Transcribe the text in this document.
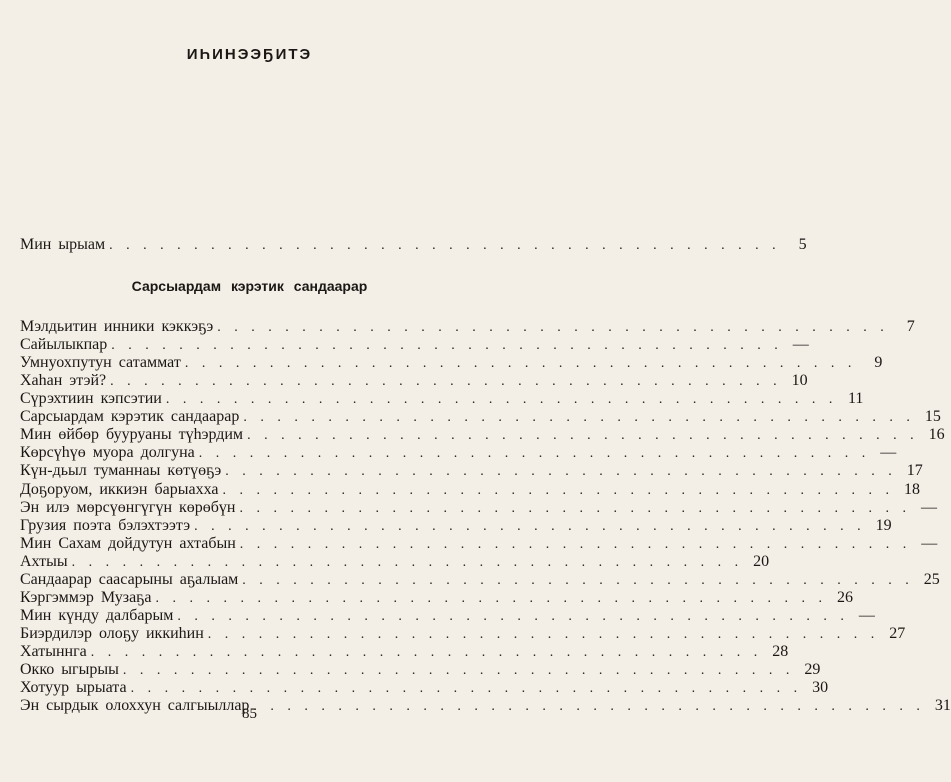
ИҺИНЭЭҔИТЭ
Мин ырыам . . . . . . . . . . . . . . . . . . . . . . . . . . . . . . . . . . . . . . . .	5
Сарсыардам кэрэтик сандаарар
Мэлдьитин инники кэккэҕэ . . . . . . . . . . . . . . . . . . . . . . . . . . . . . . . . . . . . . . . .	7
Сайылыкпар . . . . . . . . . . . . . . . . . . . . . . . . . . . . . . . . . . . . . . . . —
Умнуохпутун сатаммат . . . . . . . . . . . . . . . . . . . . . . . . . . . . . . . . . . . . . . . .	9
Хаһан этэй? . . . . . . . . . . . . . . . . . . . . . . . . . . . . . . . . . . . . . . . . 10
Сүрэхтиин кэпсэтии . . . . . . . . . . . . . . . . . . . . . . . . . . . . . . . . . . . . . . . . 11
Сарсыардам кэрэтик сандаарар . . . . . . . . . . . . . . . . . . . . . . . . . . . . . . . . . . . . . . . . 15
Мин өйбөр бууруаны түһэрдим . . . . . . . . . . . . . . . . . . . . . . . . . . . . . . . . . . . . . . . . 16
Көрсүһүө муора долгуна . . . . . . . . . . . . . . . . . . . . . . . . . . . . . . . . . . . . . . . . —
Күн-дьыл туманнаы көтүөҕэ . . . . . . . . . . . . . . . . . . . . . . . . . . . . . . . . . . . . . . . . 17
Доҕоруом, иккиэн барыахха . . . . . . . . . . . . . . . . . . . . . . . . . . . . . . . . . . . . . . . . 18
Эн илэ мөрсүөнгүгүн көрөбүн . . . . . . . . . . . . . . . . . . . . . . . . . . . . . . . . . . . . . . . . —
Грузия поэта бэлэхтээтэ . . . . . . . . . . . . . . . . . . . . . . . . . . . . . . . . . . . . . . . . 19
Мин Сахам дойдутун ахтабын . . . . . . . . . . . . . . . . . . . . . . . . . . . . . . . . . . . . . . . . —
Ахтыы . . . . . . . . . . . . . . . . . . . . . . . . . . . . . . . . . . . . . . . . 20
Сандаарар саасарыны аҕалыам . . . . . . . . . . . . . . . . . . . . . . . . . . . . . . . . . . . . . . . . 25
Кэргэммэр Музаҕа . . . . . . . . . . . . . . . . . . . . . . . . . . . . . . . . . . . . . . . . 26
Мин күнду далбарым . . . . . . . . . . . . . . . . . . . . . . . . . . . . . . . . . . . . . . . . —
Биэрдилэр олоҕу иккиһин . . . . . . . . . . . . . . . . . . . . . . . . . . . . . . . . . . . . . . . . 27
Хатыннга . . . . . . . . . . . . . . . . . . . . . . . . . . . . . . . . . . . . . . . . 28
Окко ыгырыы . . . . . . . . . . . . . . . . . . . . . . . . . . . . . . . . . . . . . . . . 29
Хотуур ырыата . . . . . . . . . . . . . . . . . . . . . . . . . . . . . . . . . . . . . . . . 30
Эн сырдык олоххун салгыыллар . . . . . . . . . . . . . . . . . . . . . . . . . . . . . . . . . . . . . . . . 31
85
